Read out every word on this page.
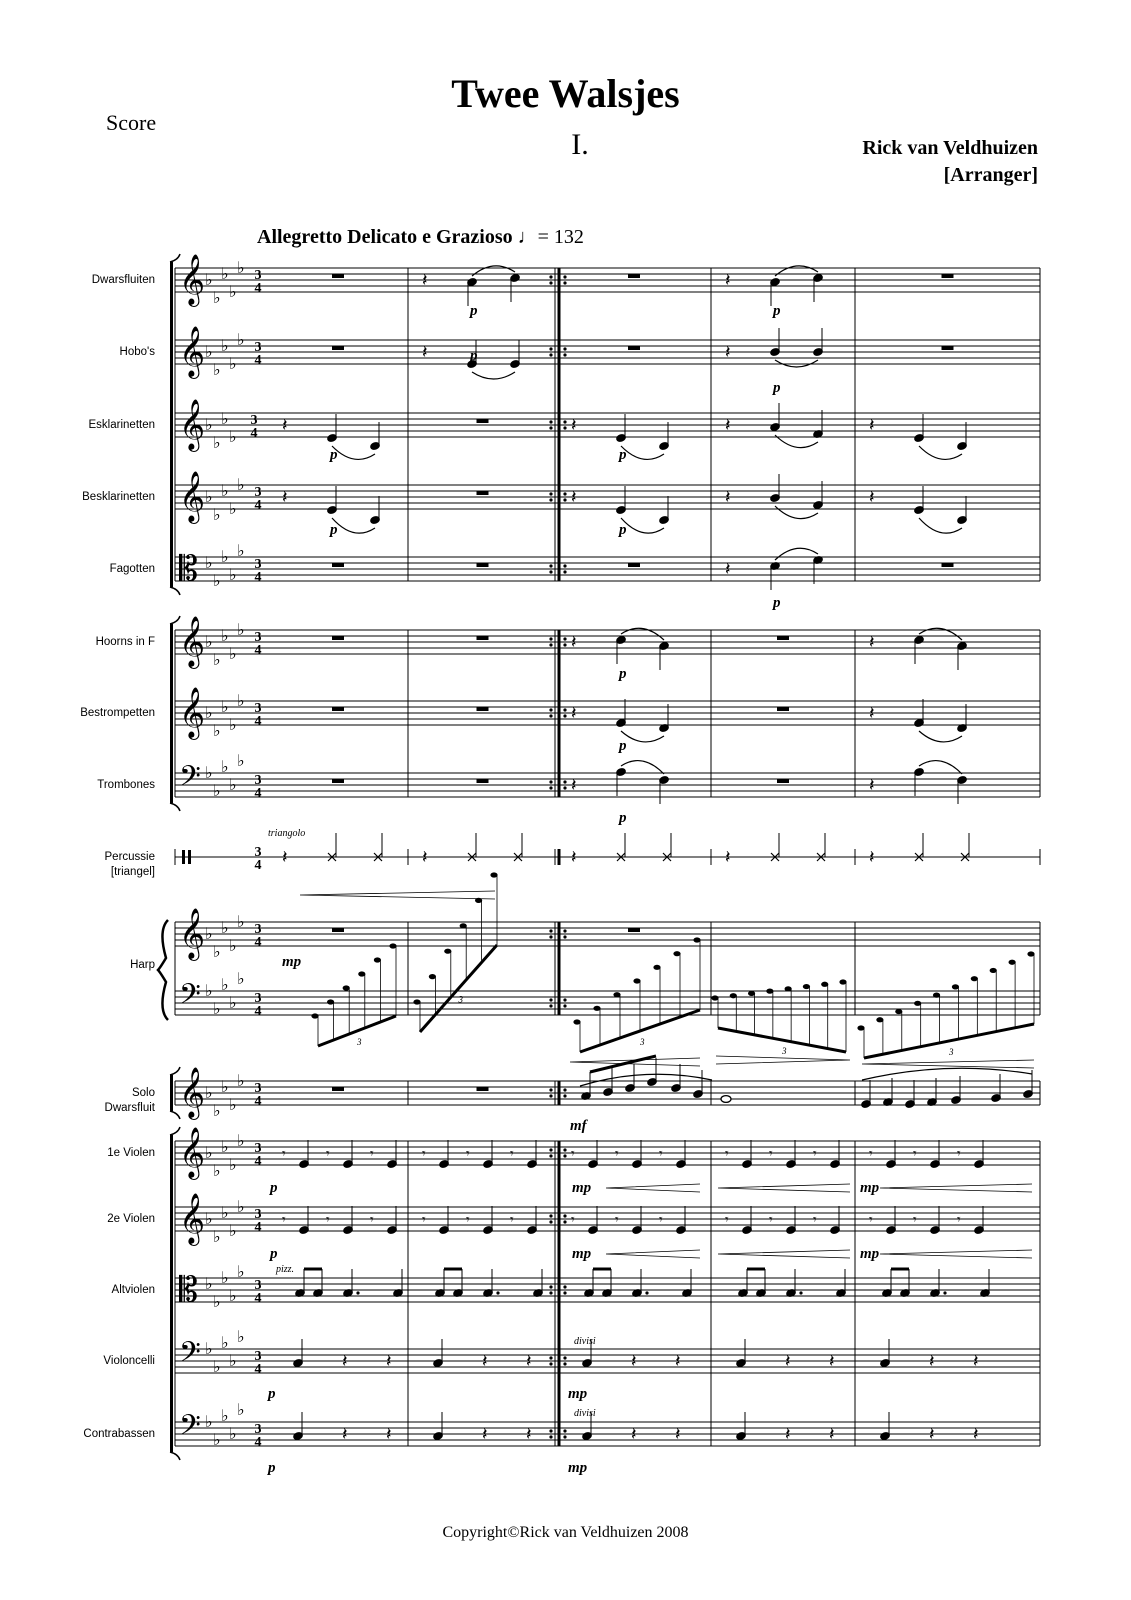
Score
Twee Walsjes
I.	Rick van Veldhuizen
[Arranger]
Allegretto Delicato e Grazioso ♩= 132
Dwarsfluiten
Hobo's
Esklarinetten
Besklarinetten
Fagotten
Hoorns in F
Bestrompetten
Trombones
Percussie
[triangel]
Harp
Solo
Dwarsfluit
1e Violen
2e Violen
Altviolen
Violoncelli
Contrabassen
𝄞 ♭
♭
♭
♭
♭ 3
4
𝄞 ♭
♭
♭
♭
♭ 3
4
𝄞 ♭
♭
♭
♭
3
4
𝄞 ♭
♭
♭
♭
♭ 3
4
𝄡 ♭
♭
♭
♭
♭
3
4
𝄞 ♭
♭
♭
♭
♭ 3
4
𝄞 ♭
♭
♭
♭
♭ 3
4
𝄢 ♭
♭
♭
♭
♭
3
4
3
4
𝄞 ♭
♭
♭
♭
♭ 3
4
𝄢 ♭
♭
♭
♭
♭
3
4
𝄞 ♭
♭
♭
♭
♭ 3
4
𝄞 ♭
♭
♭
♭
♭ 3
4
𝄞 ♭
♭
♭
♭
♭ 3
4
𝄡 ♭
♭
♭
♭
♭
3
4
𝄢 ♭
♭
♭
♭
♭
3
4
𝄢 ♭
♭
♭
♭
♭
3
4
𝄽
p
𝄽
p
𝄽	p	𝄽
p
𝄽
p
𝄽
p
𝄽	𝄽
𝄽
p
𝄽
p
𝄽	𝄽
𝄽
p
𝄽
p
𝄽
𝄽
p
𝄽
𝄽
p
𝄽
𝄽	𝄽	𝄽	𝄽	𝄽
triangolo
mp
3
3
3
3	3
mf
𝄾	𝄾	𝄾
𝄾	𝄾	𝄾
𝄾	𝄾	𝄾
𝄾	𝄾	𝄾
𝄾	𝄾	𝄾
𝄾	𝄾	𝄾
𝄾	𝄾	𝄾
𝄾	𝄾	𝄾
𝄾	𝄾	𝄾
𝄾	𝄾	𝄾
p
p
mp
mp
mp
mp
pizz.
𝄽 𝄽	𝄽 𝄽	𝄽 𝄽	𝄽 𝄽	𝄽 𝄽
𝄽 𝄽	𝄽 𝄽	𝄽 𝄽	𝄽 𝄽	𝄽 𝄽
p
p
mp
mp
divisi
divisi
Copyright©Rick van Veldhuizen 2008
